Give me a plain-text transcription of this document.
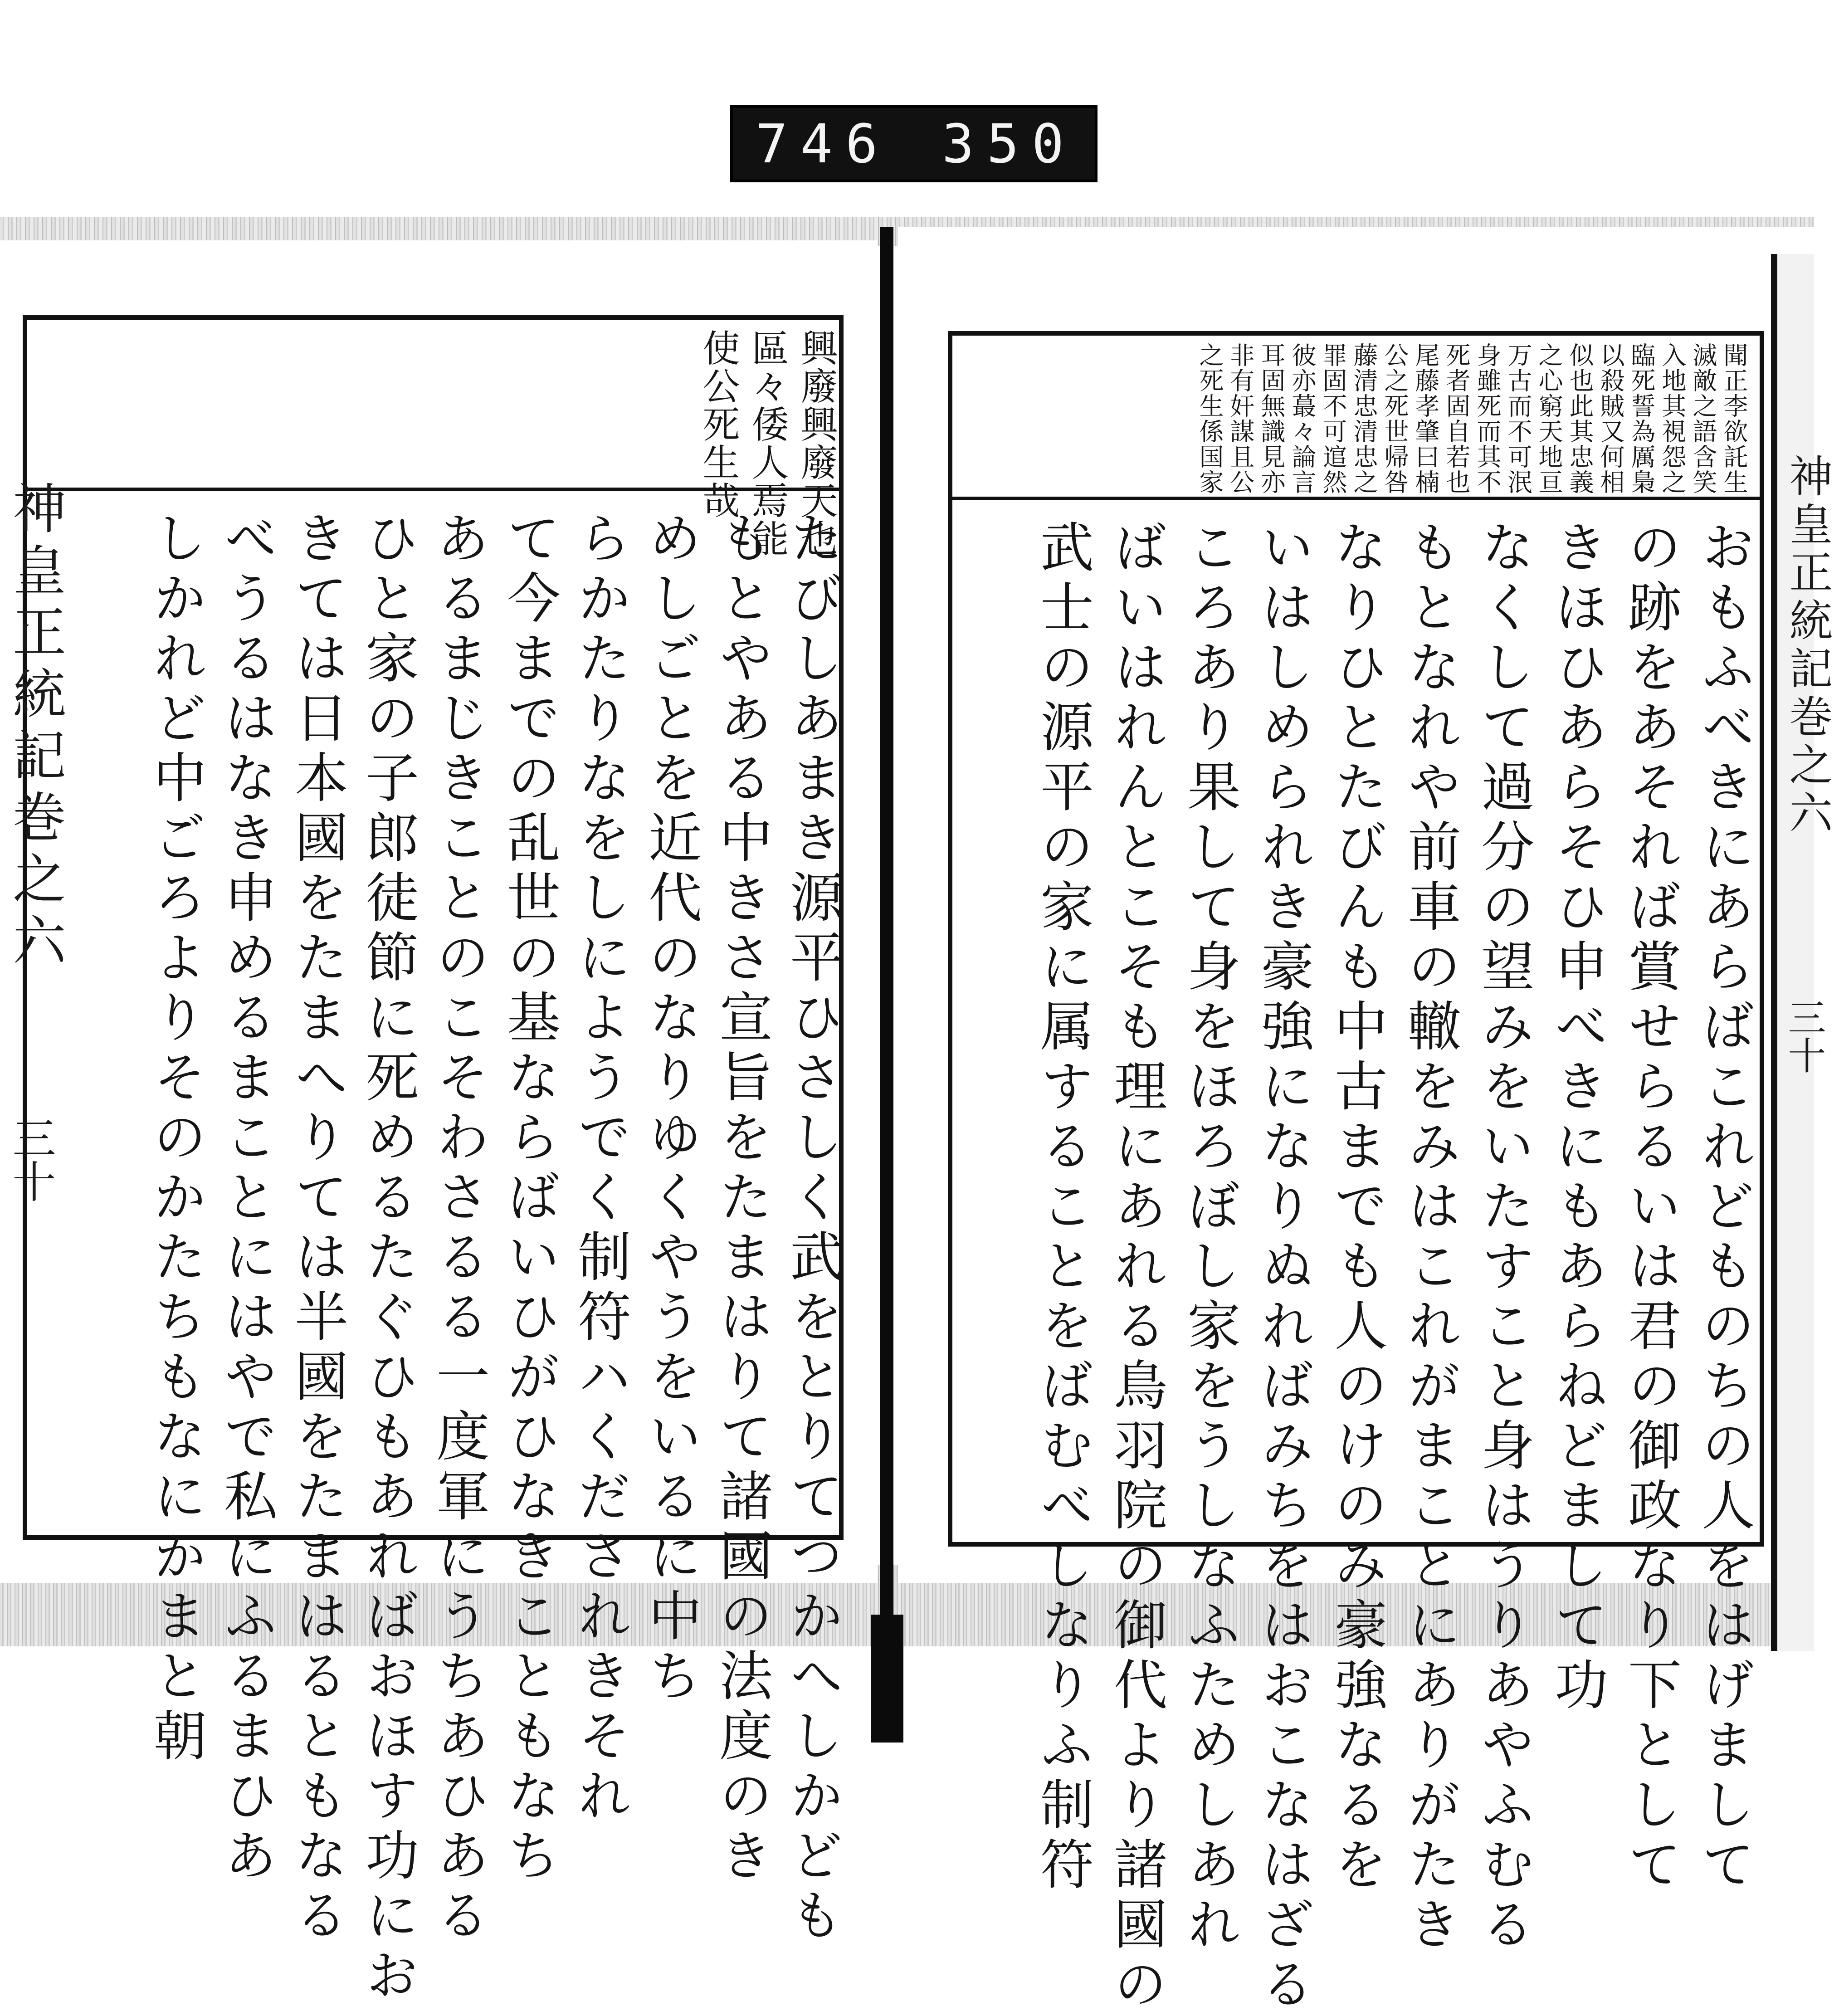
746 350
興廢興廢天也
區々倭人焉能
使公死生哉
たびしあまき源平ひさしく武をとりてつかへしかども
もとやある中きさ宣旨をたまはりて諸國の法度のき
めしごとを近代のなりゆくやうをいるに中ち
らかたりなをしにようでく制符ハくだされきそれ
て今までの乱世の基ならばいひがひなきこともなち
あるまじきことのこそわさるる一度軍にうちあひある
ひと家の子郎徒節に死めるたぐひもあればおほす功にお
きては日本國をたまへりては半國をたまはるともなる
べうるはなき申めるまことにはやで私にふるまひあ
しかれど中ごろよりそのかたちもなにかまと朝
神皇正統記巻之六
三十
聞正李欲託生
滅敵之語含笑
入地其視怨之
臨死誓為厲梟
以殺賊又何相
似也此其忠義
之心窮天地亘
万古而不可泯
身雖死而其不
死者固自若也
尾藤孝肇曰楠
公之死世帰咎
藤清忠清忠之
罪固不可逭然
彼亦蕞々論言
耳固無識見亦
非有奸謀且公
之死生係国家
おもふべきにあらばこれどものちの人をはげまして
の跡をあそれば賞せらるいは君の御政なり下として
きほひあらそひ申べきにもあらねどまして功
なくして過分の望みをいたすこと身はうりあやふむる
もとなれや前車の轍をみはこれがまことにありがたき
なりひとたびんも中古までも人のけのみ豪強なるを
いはしめられき豪強になりぬればみちをはおこなはざる
ころあり果して身をほろぼし家をうしなふためしあれ
ばいはれんとこそも理にあれる鳥羽院の御代より諸國の
武士の源平の家に属することをばむべしなりふ制符	神皇正統記巻之六
三十
